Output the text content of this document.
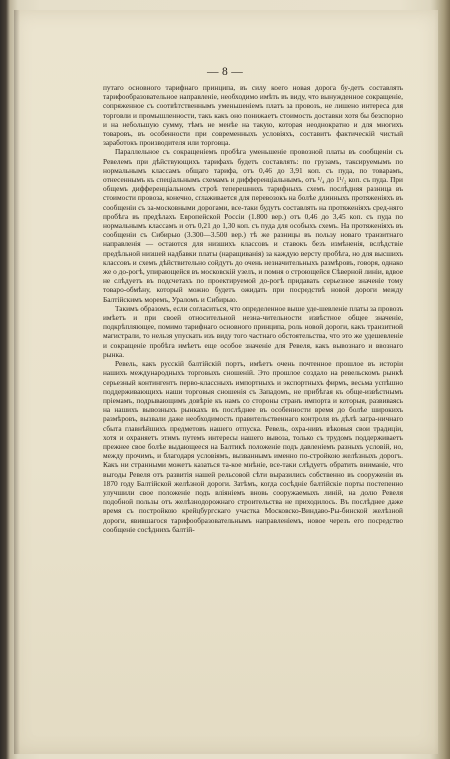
— 8 —

путаго основного тарифнаго принципа, въ силу коего новая дорога бу-детъ составлять тарифообразовательное направленіе, необходимо имѣть въ виду, что вынужденное сокращеніе, сопряженное съ соотвѣтственнымъ уменьшеніемъ платъ за провозъ, не лишено интереса для торговли и промышленности, такъ какъ оно понижаетъ стоимость доставки хотя бы безспорно и на небольшую сумму, тѣмъ не менѣе на такую, которая неоднократно и для многихъ товаровъ, въ особенности при современныхъ условіяхъ, составитъ фактическій чистый заработокъ производителя или торговца.

Параллельное съ сокращеніемъ пробѣга уменьшеніе провозной платы въ сообщеніи съ Ревелемъ при дѣйствующихъ тарифахъ будетъ составлять: по грузамъ, таксируемымъ по нормальнымъ классамъ общаго тарифа, отъ 0,46 до 3,91 коп. съ пуда, по товарамъ, отнесеннымъ къ спеціальнымъ схемамъ и дифференціальнымъ, отъ ¹/₄ до 1¹/₂ коп. съ пуда. При общемъ дифференціальномъ строѣ теперешнихъ тарифныхъ схемъ послѣдняя разница въ стоимости провоза, конечно, сглаживается для перевозокъ на болѣе длинныхъ протяженіяхъ въ сообщеніи съ за-московными дорогами, все-таки будутъ составлять на протяженіяхъ сред-няго пробѣга въ предѣлахъ Европейской Россіи (1.800 вер.) отъ 0,46 до 3,45 коп. съ пуда по нормальнымъ классамъ и отъ 0,21 до 1,30 коп. съ пуда для особыхъ схемъ. На протяженіяхъ въ сообщеніи съ Сибирью (3.300—3.500 вер.) тѣ же разницы въ пользу новаго транзитнаго направленія — остаются для низшихъ классовъ и ставокъ безъ измѣненія, вслѣдствіе предѣльной низшей надбавки платы (наращиванія) за каждую версту пробѣга, но для высшихъ классовъ и схемъ дѣйствительно сойдутъ до очень незначительныхъ размѣровъ, говоря, однако же о до-рогѣ, упирающейся въ московскій узелъ, и помня о строющейся Сѣверной линіи, вдвое не слѣдуетъ въ подсчетахъ по проектируемой до-рогѣ придавать серьезное значеніе тому товаро-обмѣну, который можно будетъ ожидать при посредствѣ новой дороги между Балтійскимъ моремъ, Ураломъ и Сибирью.

Такимъ образомъ, если согласиться, что определенное выше уде-шевленіе платы за провозъ имѣетъ и при своей относительной незна-чительности извѣстное общее значеніе, подкрѣпляющее, помимо тарифнаго основного принципа, роль новой дороги, какъ транзитной магистрали, то нельзя упускать изъ виду того частнаго обстоятельства, что это же удешевленіе и сокращеніе пробѣга имѣетъ еще особое значеніе для Ревеля, какъ вывознаго и ввознаго рынка.

Ревель, какъ русскій балтійскій портъ, имѣетъ очень почтенное прошлое въ исторіи нашихъ международныхъ торговыхъ сношеній. Это прошлое создало на ревельскомъ рынкѣ серьезный контингентъ перво-классныхъ импортныхъ и экспортныхъ фирмъ, весьма успѣшно поддерживающихъ наши торговыя сношенія съ Западомъ, не прибѣгая къ обще-извѣстнымъ пріемамъ, подрывающимъ довѣріе къ намъ со стороны странъ импорта и которыя, развиваясь на нашихъ вывозныхъ рынкахъ въ послѣднее въ особенности время до болѣе широкихъ размѣровъ, вызвали даже необходимость правительственнаго контроля въ дѣлѣ загра-ничнаго сбыта главнѣйшихъ предметовъ нашего отпуска. Ревель, охра-нивъ вѣковыя свои традиціи, хотя и охраняетъ этимъ путемъ интересы нашего вывоза, только съ трудомъ поддерживаетъ прежнее свое болѣе выдающееся на Балтикѣ положеніе подъ давленіемъ разныхъ условій, но, между прочимъ, и благодаря условіямъ, вызваннымъ именно по-стройкою желѣзныхъ дорогъ. Какъ ни странными можетъ казаться та-кое мнѣніе, все-таки слѣдуетъ обратить вниманіе, что выгоды Ревеля отъ развитія нашей рельсовой сѣти выразились собственно въ сооруженіи въ 1870 году Балтійской желѣзной дороги. Затѣмъ, когда сосѣдніе балтійскіе порты постепенно улучшили свое положеніе подъ вліяніемъ вновь сооружаемыхъ линій, на долю Ревеля подобной пользы отъ желѣзнодорожнаго строительства не приходилось. Въ послѣднее даже время съ постройкою крейцбургскаго участка Московско-Виндаво-Ры-бинской желѣзной дороги, явившагося тарифообразовательнымъ направленіемъ, новое черезъ его посредство сообщеніе сосѣднихъ балтій-
